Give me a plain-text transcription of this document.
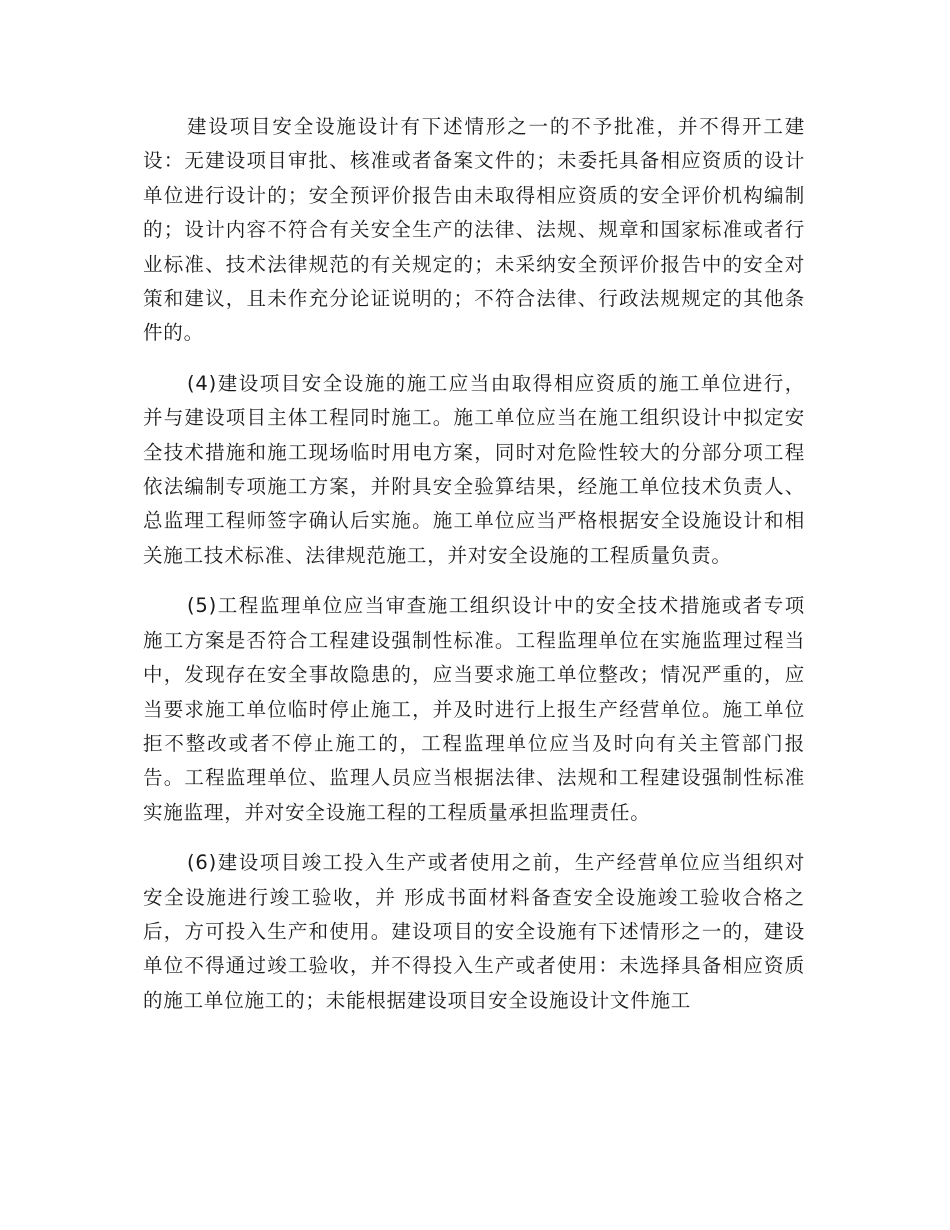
建设项目安全设施设计有下述情形之一的不予批准，并不得开工建设：无建设项目审批、核准或者备案文件的；未委托具备相应资质的设计单位进行设计的；安全预评价报告由未取得相应资质的安全评价机构编制的；设计内容不符合有关安全生产的法律、法规、规章和国家标准或者行业标准、技术法律规范的有关规定的；未采纳安全预评价报告中的安全对策和建议，且未作充分论证说明的；不符合法律、行政法规规定的其他条件的。

(4)建设项目安全设施的施工应当由取得相应资质的施工单位进行，并与建设项目主体工程同时施工。施工单位应当在施工组织设计中拟定安全技术措施和施工现场临时用电方案，同时对危险性较大的分部分项工程依法编制专项施工方案，并附具安全验算结果，经施工单位技术负责人、总监理工程师签字确认后实施。施工单位应当严格根据安全设施设计和相关施工技术标准、法律规范施工，并对安全设施的工程质量负责。

(5)工程监理单位应当审查施工组织设计中的安全技术措施或者专项施工方案是否符合工程建设强制性标准。工程监理单位在实施监理过程当中，发现存在安全事故隐患的，应当要求施工单位整改；情况严重的，应当要求施工单位临时停止施工，并及时进行上报生产经营单位。施工单位拒不整改或者不停止施工的，工程监理单位应当及时向有关主管部门报告。工程监理单位、监理人员应当根据法律、法规和工程建设强制性标准实施监理，并对安全设施工程的工程质量承担监理责任。

(6)建设项目竣工投入生产或者使用之前，生产经营单位应当组织对安全设施进行竣工验收，并 形成书面材料备查安全设施竣工验收合格之后，方可投入生产和使用。建设项目的安全设施有下述情形之一的，建设单位不得通过竣工验收，并不得投入生产或者使用：未选择具备相应资质的施工单位施工的；未能根据建设项目安全设施设计文件施工
